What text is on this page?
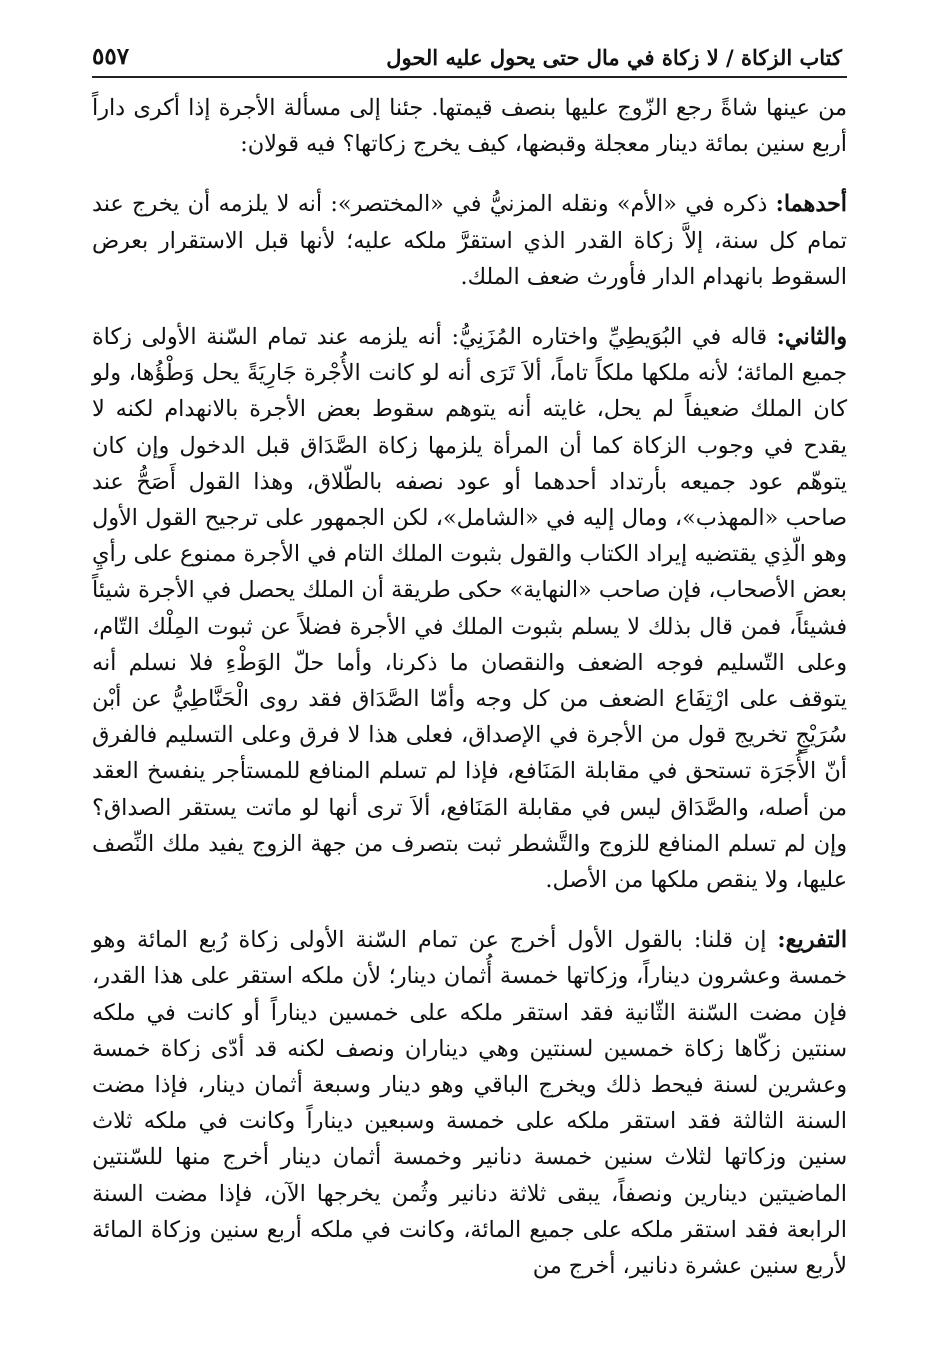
كتاب الزكاة / لا زكاة في مال حتى يحول عليه الحول
٥٥٧

من عينها شاةً رجع الزّوج عليها بنصف قيمتها. جئنا إلى مسألة الأجرة إذا أكرى داراً أربع سنين بمائة دينار معجلة وقبضها، كيف يخرج زكاتها؟ فيه قولان:

أحدهما: ذكره في «الأم» ونقله المزنيُّ في «المختصر»: أنه لا يلزمه أن يخرج عند تمام كل سنة، إلاَّ زكاة القدر الذي استقرَّ ملكه عليه؛ لأنها قبل الاستقرار بعرض السقوط بانهدام الدار فأورث ضعف الملك.

والثاني: قاله في البُوَيطِيِّ واختاره المُزَنِيُّ: أنه يلزمه عند تمام السّنة الأولى زكاة جميع المائة؛ لأنه ملكها ملكاً تاماً، ألاَ تَرَى أنه لو كانت الأُجْرة جَارِيَةً يحل وَطْؤُها، ولو كان الملك ضعيفاً لم يحل، غايته أنه يتوهم سقوط بعض الأجرة بالانهدام لكنه لا يقدح في وجوب الزكاة كما أن المرأة يلزمها زكاة الصَّدَاق قبل الدخول وإن كان يتوهّم عود جميعه بأرتداد أحدهما أو عود نصفه بالطّلاق، وهذا القول أَصَحُّ عند صاحب «المهذب»، ومال إليه في «الشامل»، لكن الجمهور على ترجيح القول الأول وهو الّذِي يقتضيه إيراد الكتاب والقول بثبوت الملك التام في الأجرة ممنوع على رأيِ بعض الأصحاب، فإن صاحب «النهاية» حكى طريقة أن الملك يحصل في الأجرة شيئاً فشيئاً، فمن قال بذلك لا يسلم بثبوت الملك في الأجرة فضلاً عن ثبوت المِلْك التّام، وعلى التّسليم فوجه الضعف والنقصان ما ذكرنا، وأما حلّ الوَطْءِ فلا نسلم أنه يتوقف على ارْتِفَاع الضعف من كل وجه وأمّا الصَّدَاق فقد روى الْحَنَّاطِيُّ عن أبْن سُرَيْجٍ تخريج قول من الأجرة في الإصداق، فعلى هذا لا فرق وعلى التسليم فالفرق أنّ الأُجَرَة تستحق في مقابلة المَنَافع، فإذا لم تسلم المنافع للمستأجر ينفسخ العقد من أصله، والصَّدَاق ليس في مقابلة المَنَافع، ألاَ ترى أنها لو ماتت يستقر الصداق؟ وإن لم تسلم المنافع للزوج والتَّشطر ثبت بتصرف من جهة الزوج يفيد ملك النِّصف عليها، ولا ينقص ملكها من الأصل.

التفريع: إن قلنا: بالقول الأول أخرج عن تمام السّنة الأولى زكاة رُبع المائة وهو خمسة وعشرون ديناراً، وزكاتها خمسة أُثمان دينار؛ لأن ملكه استقر على هذا القدر، فإن مضت السّنة الثّانية فقد استقر ملكه على خمسين ديناراً أو كانت في ملكه سنتين زكّاها زكاة خمسين لسنتين وهي ديناران ونصف لكنه قد أدّى زكاة خمسة وعشرين لسنة فيحط ذلك ويخرج الباقي وهو دينار وسبعة أثمان دينار، فإذا مضت السنة الثالثة فقد استقر ملكه على خمسة وسبعين ديناراً وكانت في ملكه ثلاث سنين وزكاتها لثلاث سنين خمسة دنانير وخمسة أثمان دينار أخرج منها للسّنتين الماضيتين دينارين ونصفاً، يبقى ثلاثة دنانير وثُمن يخرجها الآن، فإذا مضت السنة الرابعة فقد استقر ملكه على جميع المائة، وكانت في ملكه أربع سنين وزكاة المائة لأربع سنين عشرة دنانير، أخرج من
